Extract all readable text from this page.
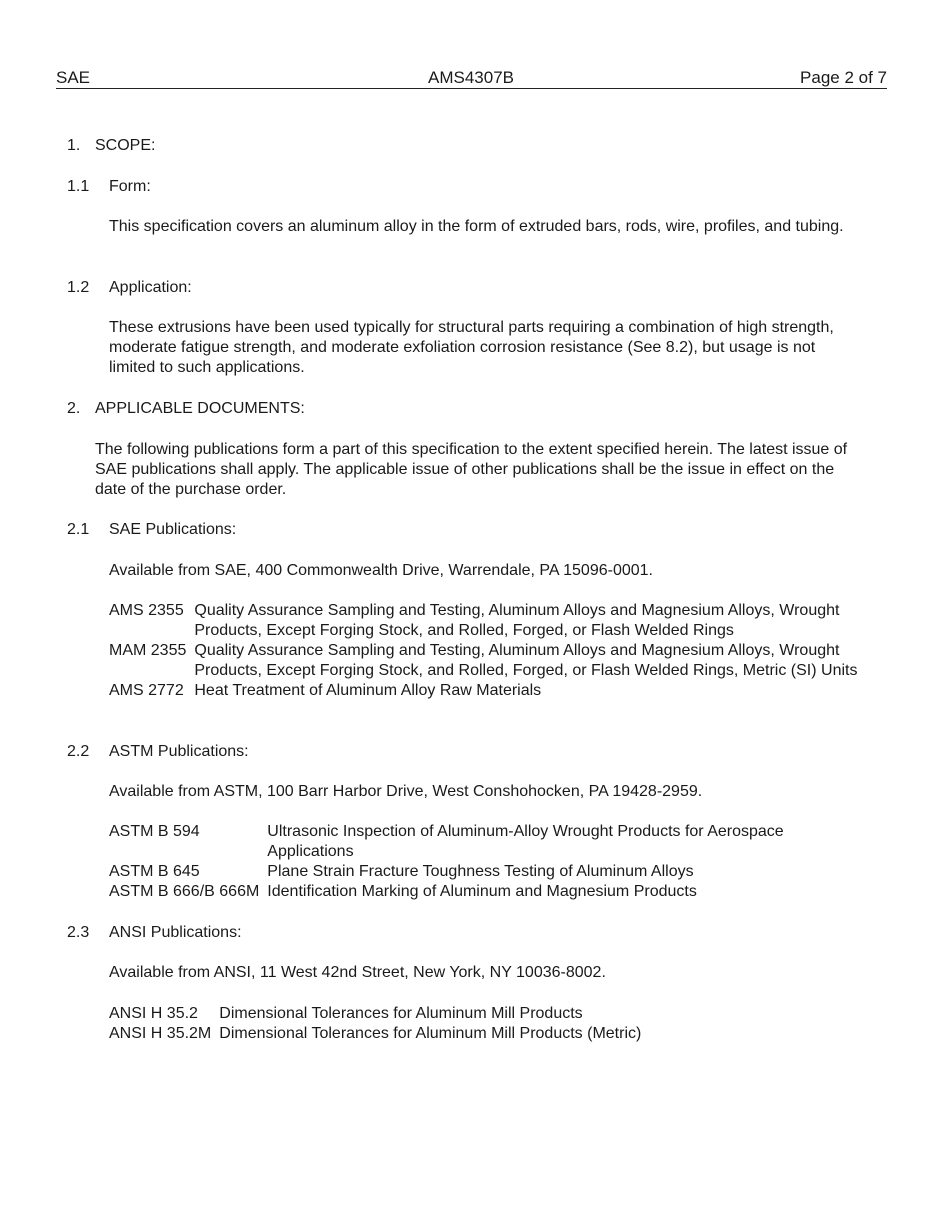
SAE	AMS4307B	Page 2 of 7
1. SCOPE:
1.1 Form:
This specification covers an aluminum alloy in the form of extruded bars, rods, wire, profiles, and tubing.
1.2 Application:
These extrusions have been used typically for structural parts requiring a combination of high strength, moderate fatigue strength, and moderate exfoliation corrosion resistance (See 8.2), but usage is not limited to such applications.
2. APPLICABLE DOCUMENTS:
The following publications form a part of this specification to the extent specified herein. The latest issue of SAE publications shall apply. The applicable issue of other publications shall be the issue in effect on the date of the purchase order.
2.1 SAE Publications:
Available from SAE, 400 Commonwealth Drive, Warrendale, PA 15096-0001.
AMS 2355	Quality Assurance Sampling and Testing, Aluminum Alloys and Magnesium Alloys, Wrought Products, Except Forging Stock, and Rolled, Forged, or Flash Welded Rings
MAM 2355	Quality Assurance Sampling and Testing, Aluminum Alloys and Magnesium Alloys, Wrought Products, Except Forging Stock, and Rolled, Forged, or Flash Welded Rings, Metric (SI) Units
AMS 2772	Heat Treatment of Aluminum Alloy Raw Materials
2.2 ASTM Publications:
Available from ASTM, 100 Barr Harbor Drive, West Conshohocken, PA 19428-2959.
ASTM B 594	Ultrasonic Inspection of Aluminum-Alloy Wrought Products for Aerospace Applications
ASTM B 645	Plane Strain Fracture Toughness Testing of Aluminum Alloys
ASTM B 666/B 666M	Identification Marking of Aluminum and Magnesium Products
2.3 ANSI Publications:
Available from ANSI, 11 West 42nd Street, New York, NY 10036-8002.
ANSI H 35.2	Dimensional Tolerances for Aluminum Mill Products
ANSI H 35.2M	Dimensional Tolerances for Aluminum Mill Products (Metric)
